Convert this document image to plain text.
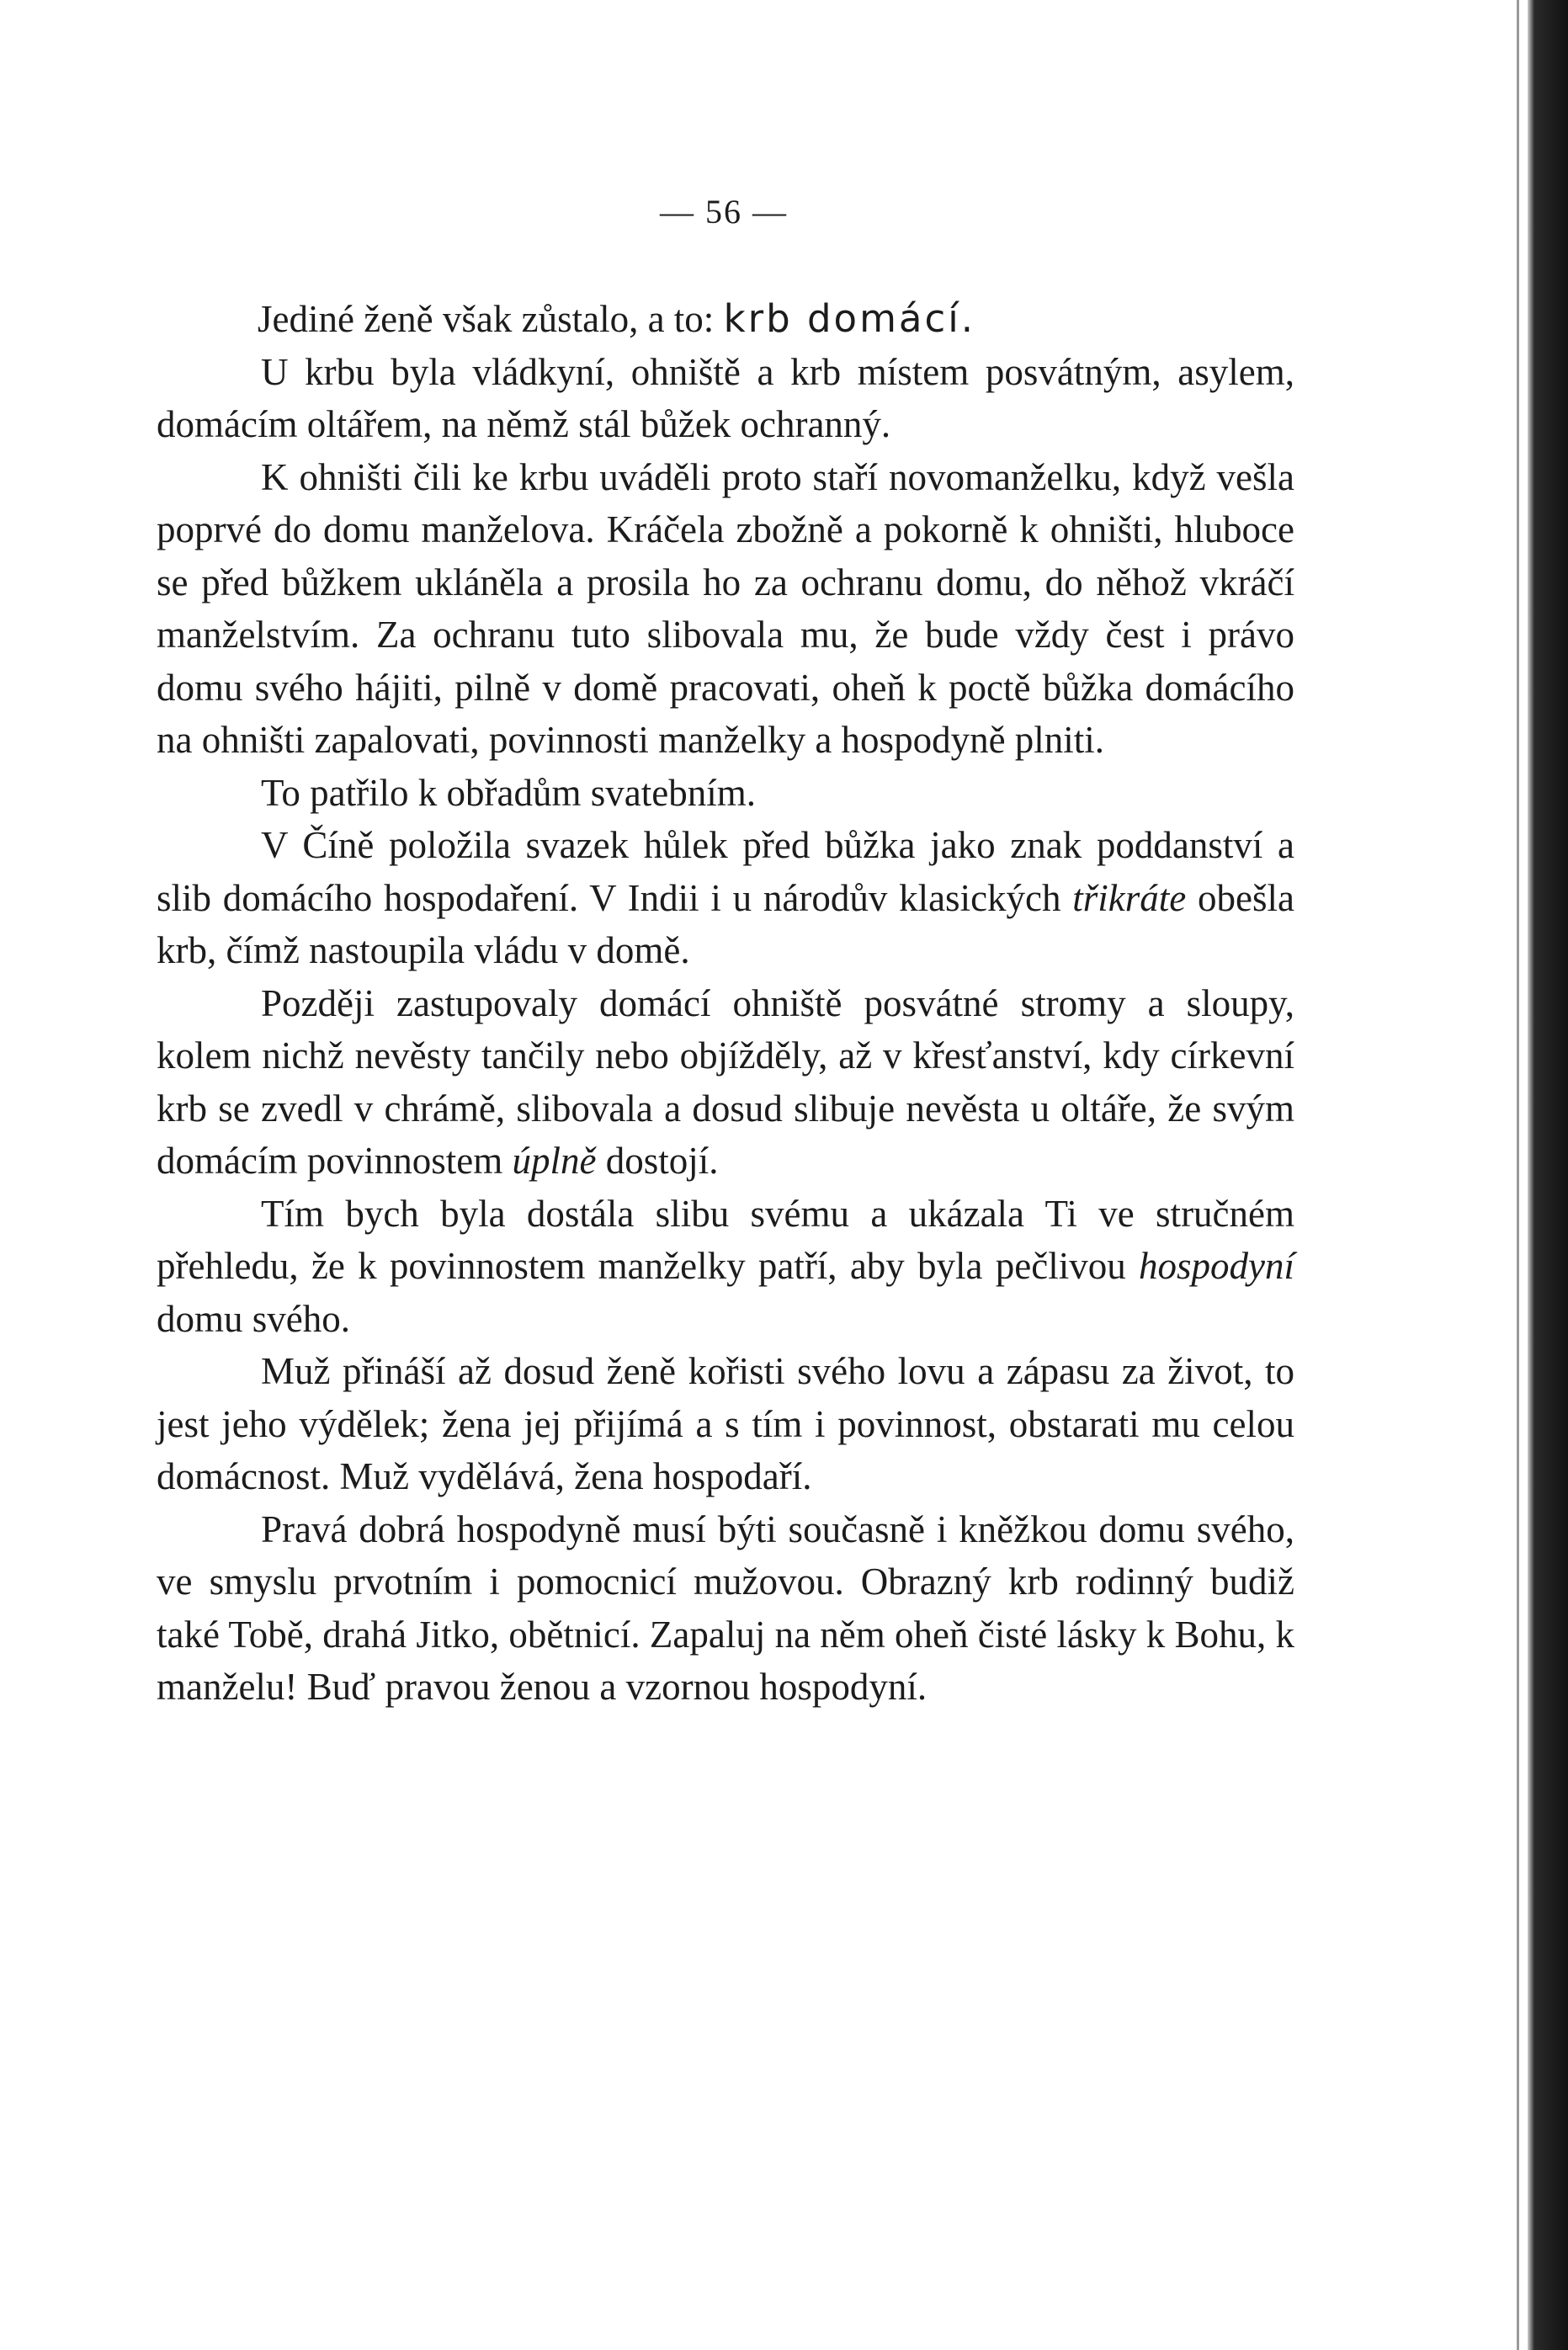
— 56 —

Jediné ženě však zůstalo, a to: krb domácí.

U krbu byla vládkyní, ohniště a krb místem posvátným, asylem, domácím oltářem, na němž stál bůžek ochranný.

K ohništi čili ke krbu uváděli proto staří novomanželku, když vešla poprvé do domu manželova. Kráčela zbožně a pokorně k ohništi, hluboce se před bůžkem ukláněla a prosila ho za ochranu domu, do něhož vkráčí manželstvím. Za ochranu tuto slibovala mu, že bude vždy čest i právo domu svého hájiti, pilně v domě pracovati, oheň k poctě bůžka domácího na ohništi zapalovati, povinnosti manželky a hospodyně plniti.

To patřilo k obřadům svatebním.

V Číně položila svazek hůlek před bůžka jako znak poddanství a slib domácího hospodaření. V Indii i u národův klasických třikráte obešla krb, čímž nastoupila vládu v domě.

Později zastupovaly domácí ohniště posvátné stromy a sloupy, kolem nichž nevěsty tančily nebo objížděly, až v křesťanství, kdy církevní krb se zvedl v chrámě, slibovala a dosud slibuje nevěsta u oltáře, že svým domácím povinnostem úplně dostojí.

Tím bych byla dostála slibu svému a ukázala Ti ve stručném přehledu, že k povinnostem manželky patří, aby byla pečlivou hospodyní domu svého.

Muž přináší až dosud ženě kořisti svého lovu a zápasu za život, to jest jeho výdělek; žena jej přijímá a s tím i povinnost, obstarati mu celou domácnost. Muž vydělává, žena hospodaří.

Pravá dobrá hospodyně musí býti současně i kněžkou domu svého, ve smyslu prvotním i pomocnicí mužovou. Obrazný krb rodinný budiž také Tobě, drahá Jitko, obětnicí. Zapaluj na něm oheň čisté lásky k Bohu, k manželu! Buď pravou ženou a vzornou hospodyní.
